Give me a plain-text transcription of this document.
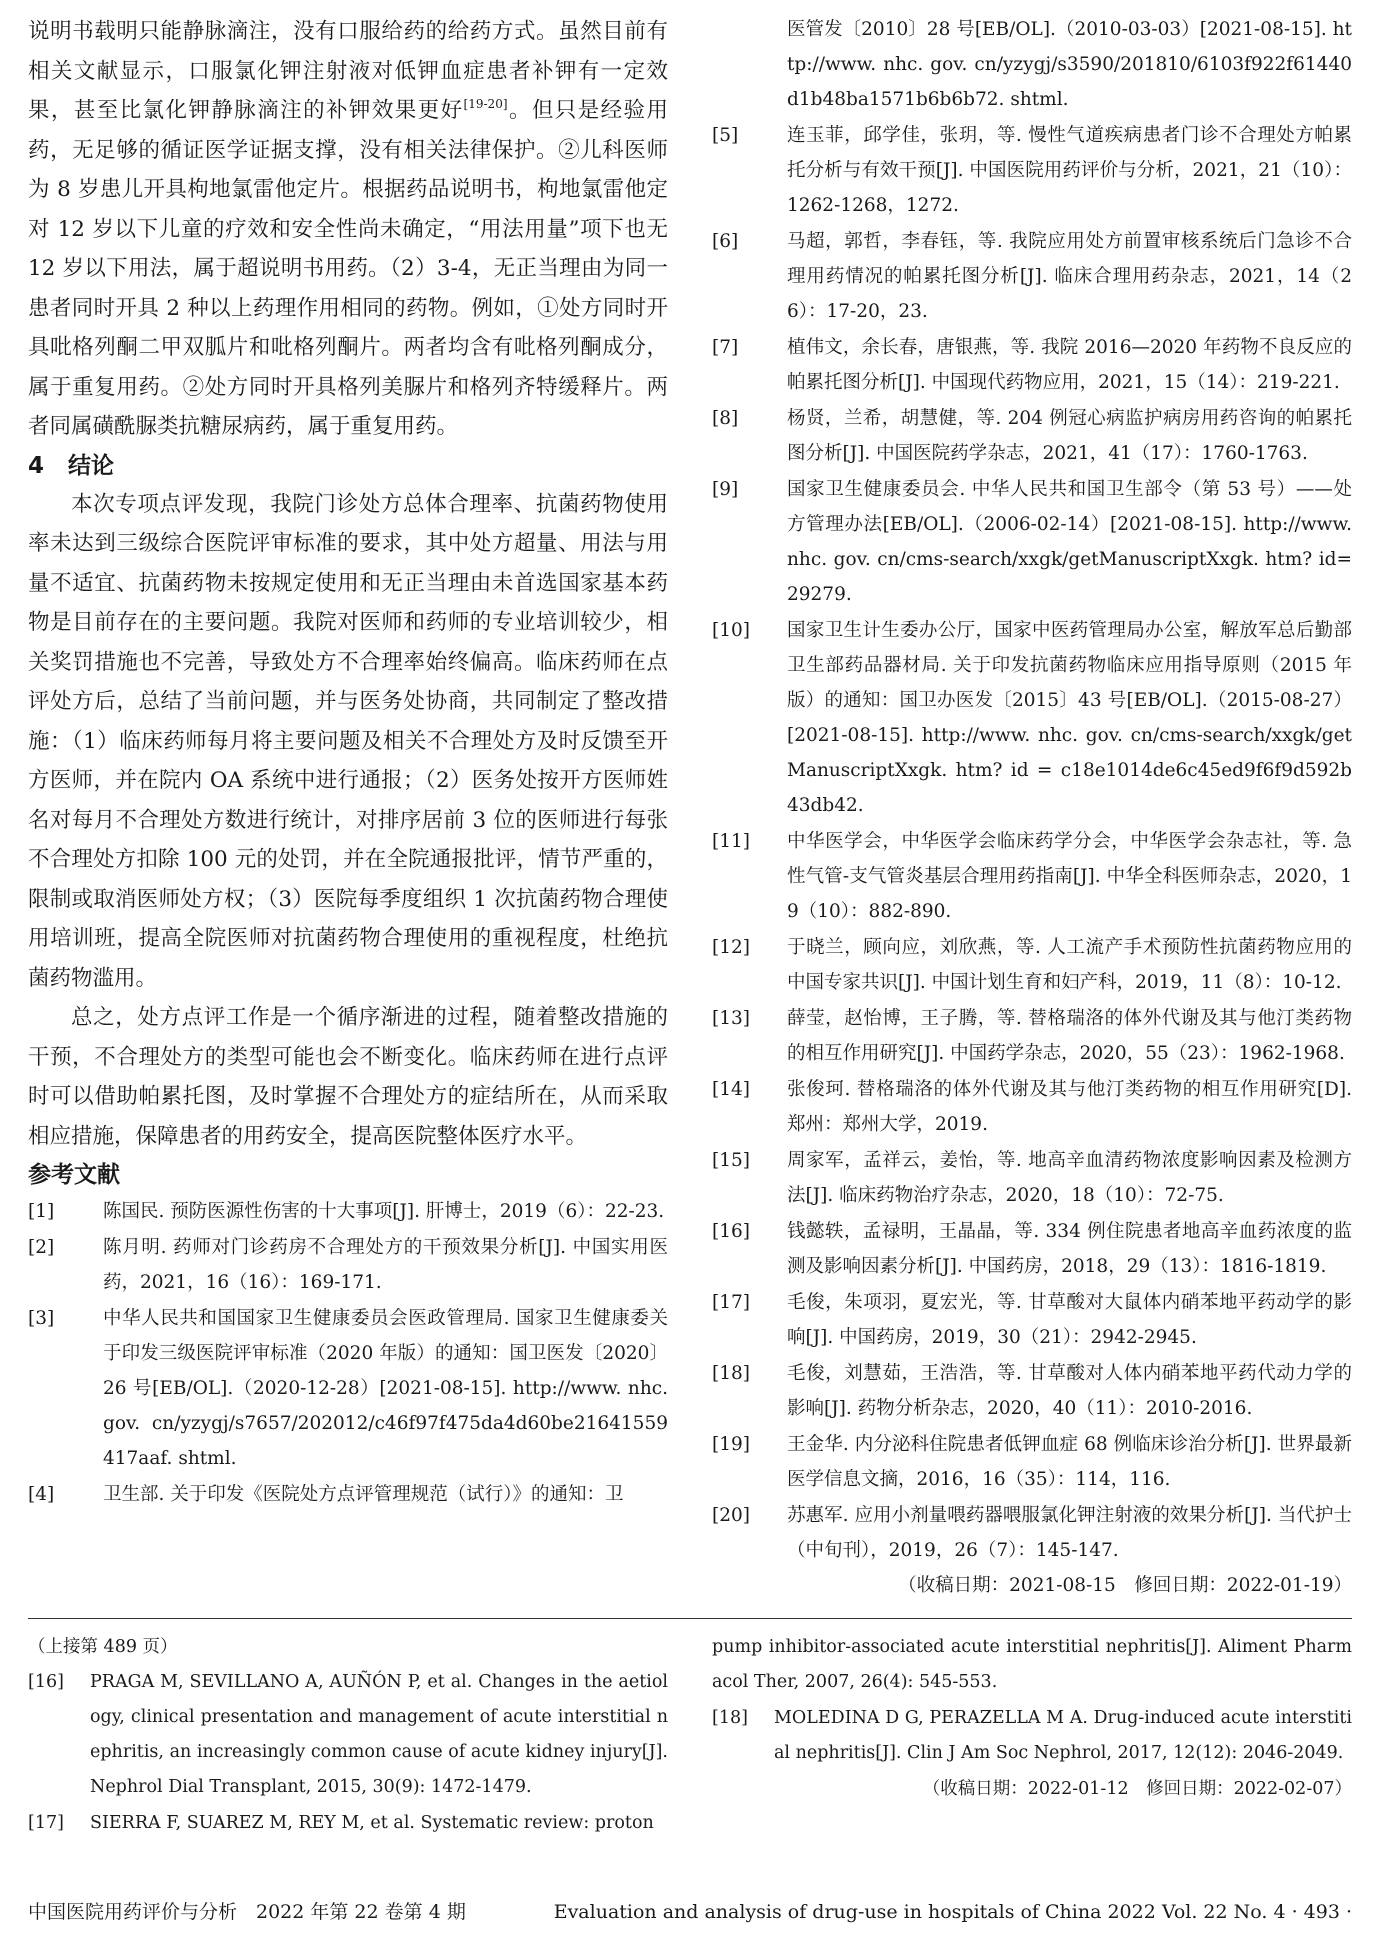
说明书载明只能静脉滴注，没有口服给药的给药方式。虽然目前有相关文献显示，口服氯化钾注射液对低钾血症患者补钾有一定效果，甚至比氯化钾静脉滴注的补钾效果更好[19-20]。但只是经验用药，无足够的循证医学证据支撑，没有相关法律保护。②儿科医师为 8 岁患儿开具枸地氯雷他定片。根据药品说明书，枸地氯雷他定对 12 岁以下儿童的疗效和安全性尚未确定，“用法用量”项下也无 12 岁以下用法，属于超说明书用药。（2）3-4，无正当理由为同一患者同时开具 2 种以上药理作用相同的药物。例如，①处方同时开具吡格列酮二甲双胍片和吡格列酮片。两者均含有吡格列酮成分，属于重复用药。②处方同时开具格列美脲片和格列齐特缓释片。两者同属磺酰脲类抗糖尿病药，属于重复用药。

4 结论

本次专项点评发现，我院门诊处方总体合理率、抗菌药物使用率未达到三级综合医院评审标准的要求，其中处方超量、用法与用量不适宜、抗菌药物未按规定使用和无正当理由未首选国家基本药物是目前存在的主要问题。我院对医师和药师的专业培训较少，相关奖罚措施也不完善，导致处方不合理率始终偏高。临床药师在点评处方后，总结了当前问题，并与医务处协商，共同制定了整改措施：（1）临床药师每月将主要问题及相关不合理处方及时反馈至开方医师，并在院内 OA 系统中进行通报；（2）医务处按开方医师姓名对每月不合理处方数进行统计，对排序居前 3 位的医师进行每张不合理处方扣除 100 元的处罚，并在全院通报批评，情节严重的，限制或取消医师处方权；（3）医院每季度组织 1 次抗菌药物合理使用培训班，提高全院医师对抗菌药物合理使用的重视程度，杜绝抗菌药物滥用。

总之，处方点评工作是一个循序渐进的过程，随着整改措施的干预，不合理处方的类型可能也会不断变化。临床药师在进行点评时可以借助帕累托图，及时掌握不合理处方的症结所在，从而采取相应措施，保障患者的用药安全，提高医院整体医疗水平。

参考文献
[1]	陈国民. 预防医源性伤害的十大事项[J]. 肝博士，2019（6）：22-23.
[2]	陈月明. 药师对门诊药房不合理处方的干预效果分析[J]. 中国实用医药，2021，16（16）：169-171.
[3]	中华人民共和国国家卫生健康委员会医政管理局. 国家卫生健康委关于印发三级医院评审标准（2020 年版）的通知：国卫医发〔2020〕26 号[EB/OL].（2020-12-28）[2021-08-15]. http://www. nhc. gov. cn/yzygj/s7657/202012/c46f97f475da4d60be21641559417aaf. shtml.
[4]	卫生部. 关于印发《医院处方点评管理规范（试行）》的通知：卫

医管发〔2010〕28 号[EB/OL].（2010-03-03）[2021-08-15]. http://www. nhc. gov. cn/yzygj/s3590/201810/6103f922f61440d1b48ba1571b6b6b72. shtml.

[5]	连玉菲，邱学佳，张玥，等. 慢性气道疾病患者门诊不合理处方帕累托分析与有效干预[J]. 中国医院用药评价与分析，2021，21（10）：1262-1268，1272.
[6]	马超，郭哲，李春钰，等. 我院应用处方前置审核系统后门急诊不合理用药情况的帕累托图分析[J]. 临床合理用药杂志，2021，14（26）：17-20，23.
[7]	植伟文，余长春，唐银燕，等. 我院 2016—2020 年药物不良反应的帕累托图分析[J]. 中国现代药物应用，2021，15（14）：219-221.
[8]	杨贤，兰希，胡慧健，等. 204 例冠心病监护病房用药咨询的帕累托图分析[J]. 中国医院药学杂志，2021，41（17）：1760-1763.
[9]	国家卫生健康委员会. 中华人民共和国卫生部令（第 53 号）——处方管理办法[EB/OL].（2006-02-14）[2021-08-15]. http://www.nhc. gov. cn/cms-search/xxgk/getManuscriptXxgk. htm? id=29279.
[10]	国家卫生计生委办公厅，国家中医药管理局办公室，解放军总后勤部卫生部药品器材局. 关于印发抗菌药物临床应用指导原则（2015 年版）的通知：国卫办医发〔2015〕43 号[EB/OL].（2015-08-27）[2021-08-15]. http://www. nhc. gov. cn/cms-search/xxgk/getManuscriptXxgk. htm? id = c18e1014de6c45ed9f6f9d592b43db42.
[11]	中华医学会，中华医学会临床药学分会，中华医学会杂志社，等. 急性气管-支气管炎基层合理用药指南[J]. 中华全科医师杂志，2020，19（10）：882-890.
[12]	于晓兰，顾向应，刘欣燕，等. 人工流产手术预防性抗菌药物应用的中国专家共识[J]. 中国计划生育和妇产科，2019，11（8）：10-12.
[13]	薛莹，赵怡博，王子腾，等. 替格瑞洛的体外代谢及其与他汀类药物的相互作用研究[J]. 中国药学杂志，2020，55（23）：1962-1968.
[14]	张俊珂. 替格瑞洛的体外代谢及其与他汀类药物的相互作用研究[D]. 郑州：郑州大学，2019.
[15]	周家军，孟祥云，姜怡，等. 地高辛血清药物浓度影响因素及检测方法[J]. 临床药物治疗杂志，2020，18（10）：72-75.
[16]	钱懿轶，孟禄明，王晶晶，等. 334 例住院患者地高辛血药浓度的监测及影响因素分析[J]. 中国药房，2018，29（13）：1816-1819.
[17]	毛俊，朱项羽，夏宏光，等. 甘草酸对大鼠体内硝苯地平药动学的影响[J]. 中国药房，2019，30（21）：2942-2945.
[18]	毛俊，刘慧茹，王浩浩，等. 甘草酸对人体内硝苯地平药代动力学的影响[J]. 药物分析杂志，2020，40（11）：2010-2016.
[19]	王金华. 内分泌科住院患者低钾血症 68 例临床诊治分析[J]. 世界最新医学信息文摘，2016，16（35）：114，116.
[20]	苏惠军. 应用小剂量喂药器喂服氯化钾注射液的效果分析[J]. 当代护士（中旬刊），2019，26（7）：145-147.

（收稿日期：2021-08-15　修回日期：2022-01-19）

（上接第 489 页）

[16]	PRAGA M, SEVILLANO A, AUÑÓN P, et al. Changes in the aetiology, clinical presentation and management of acute interstitial nephritis, an increasingly common cause of acute kidney injury[J]. Nephrol Dial Transplant, 2015, 30(9): 1472-1479.
[17]	SIERRA F, SUAREZ M, REY M, et al. Systematic review: proton

pump inhibitor-associated acute interstitial nephritis[J]. Aliment Pharmacol Ther, 2007, 26(4): 545-553.

[18]	MOLEDINA D G, PERAZELLA M A. Drug-induced acute interstitial nephritis[J]. Clin J Am Soc Nephrol, 2017, 12(12): 2046-2049.

（收稿日期：2022-01-12　修回日期：2022-02-07）

中国医院用药评价与分析　2022 年第 22 卷第 4 期	Evaluation and analysis of drug-use in hospitals of China 2022 Vol. 22 No. 4 · 493 ·
